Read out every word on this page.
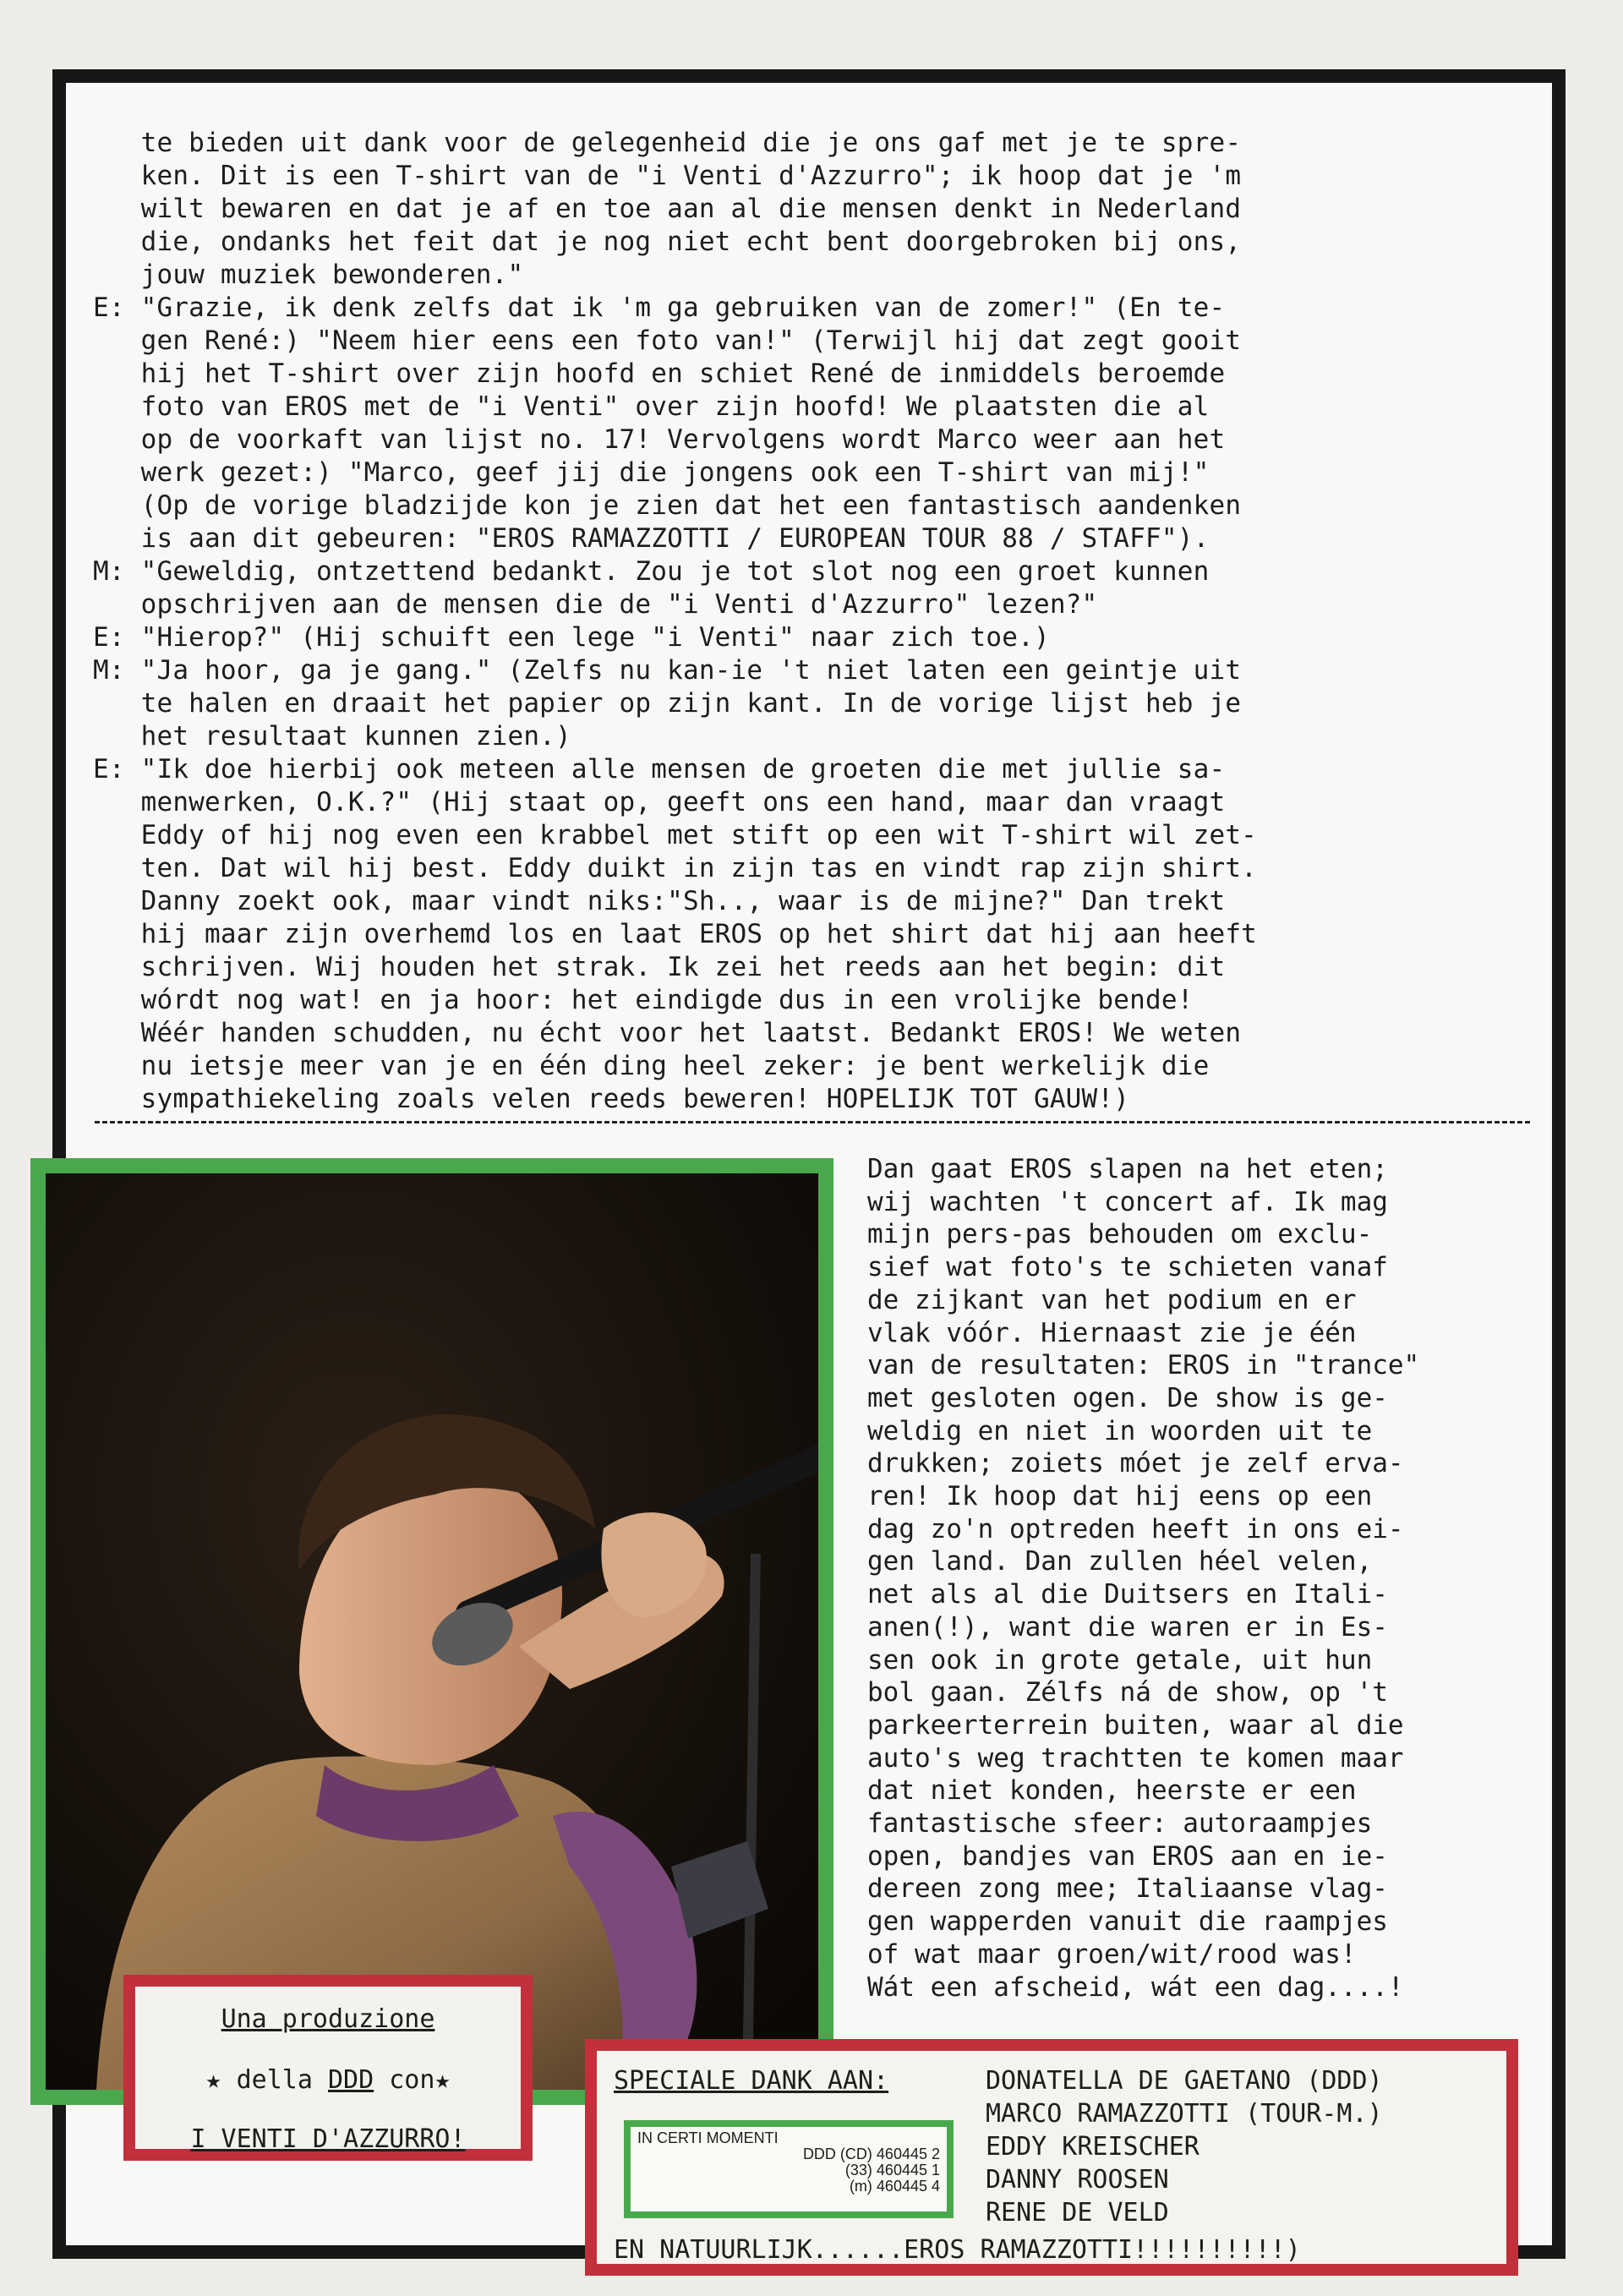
te bieden uit dank voor de gelegenheid die je ons gaf met je te spre-
ken. Dit is een T-shirt van de "i Venti d'Azzurro"; ik hoop dat je 'm
wilt bewaren en dat je af en toe aan al die mensen denkt in Nederland
die, ondanks het feit dat je nog niet echt bent doorgebroken bij ons,
jouw muziek bewonderen."
E: "Grazie, ik denk zelfs dat ik 'm ga gebruiken van de zomer!" (En te-
gen René:) "Neem hier eens een foto van!" (Terwijl hij dat zegt gooit
hij het T-shirt over zijn hoofd en schiet René de inmiddels beroemde
foto van EROS met de "i Venti" over zijn hoofd! We plaatsten die al
op de voorkaft van lijst no. 17! Vervolgens wordt Marco weer aan het
werk gezet:) "Marco, geef jij die jongens ook een T-shirt van mij!"
(Op de vorige bladzijde kon je zien dat het een fantastisch aandenken
is aan dit gebeuren: "EROS RAMAZZOTTI / EUROPEAN TOUR 88 / STAFF").
M: "Geweldig, ontzettend bedankt. Zou je tot slot nog een groet kunnen
opschrijven aan de mensen die de "i Venti d'Azzurro" lezen?"
E: "Hierop?" (Hij schuift een lege "i Venti" naar zich toe.)
M: "Ja hoor, ga je gang." (Zelfs nu kan-ie 't niet laten een geintje uit
te halen en draait het papier op zijn kant. In de vorige lijst heb je
het resultaat kunnen zien.)
E: "Ik doe hierbij ook meteen alle mensen de groeten die met jullie sa-
menwerken, O.K.?" (Hij staat op, geeft ons een hand, maar dan vraagt
Eddy of hij nog even een krabbel met stift op een wit T-shirt wil zet-
ten. Dat wil hij best. Eddy duikt in zijn tas en vindt rap zijn shirt.
Danny zoekt ook, maar vindt niks:"Sh.., waar is de mijne?" Dan trekt
hij maar zijn overhemd los en laat EROS op het shirt dat hij aan heeft
schrijven. Wij houden het strak. Ik zei het reeds aan het begin: dit
wórdt nog wat! en ja hoor: het eindigde dus in een vrolijke bende!
Wéér handen schudden, nu écht voor het laatst. Bedankt EROS! We weten
nu ietsje meer van je en één ding heel zeker: je bent werkelijk die
sympathiekeling zoals velen reeds beweren! HOPELIJK TOT GAUW!)
Dan gaat EROS slapen na het eten;
wij wachten 't concert af. Ik mag
mijn pers-pas behouden om exclu-
sief wat foto's te schieten vanaf
de zijkant van het podium en er
vlak vóór. Hiernaast zie je één
van de resultaten: EROS in "trance"
met gesloten ogen. De show is ge-
weldig en niet in woorden uit te
drukken; zoiets móet je zelf erva-
ren! Ik hoop dat hij eens op een
dag zo'n optreden heeft in ons ei-
gen land. Dan zullen héel velen,
net als al die Duitsers en Itali-
anen(!), want die waren er in Es-
sen ook in grote getale, uit hun
bol gaan. Zélfs ná de show, op 't
parkeerterrein buiten, waar al die
auto's weg trachtten te komen maar
dat niet konden, heerste er een
fantastische sfeer: autoraampjes
open, bandjes van EROS aan en ie-
dereen zong mee; Italiaanse vlag-
gen wapperden vanuit die raampjes
of wat maar groen/wit/rood was!
Wát een afscheid, wát een dag....!
Una produzione
★ della DDD con★
I VENTI D'AZZURRO!
SPECIALE DANK AAN:	DONATELLA DE GAETANO (DDD)
MARCO RAMAZZOTTI (TOUR-M.)
EDDY KREISCHER
DANNY ROOSEN
RENE DE VELD
EN NATUURLIJK......EROS RAMAZZOTTI!!!!!!!!!!)
IN CERTI MOMENTI
DDD (CD) 460445 2
(33) 460445 1
(m) 460445 4
